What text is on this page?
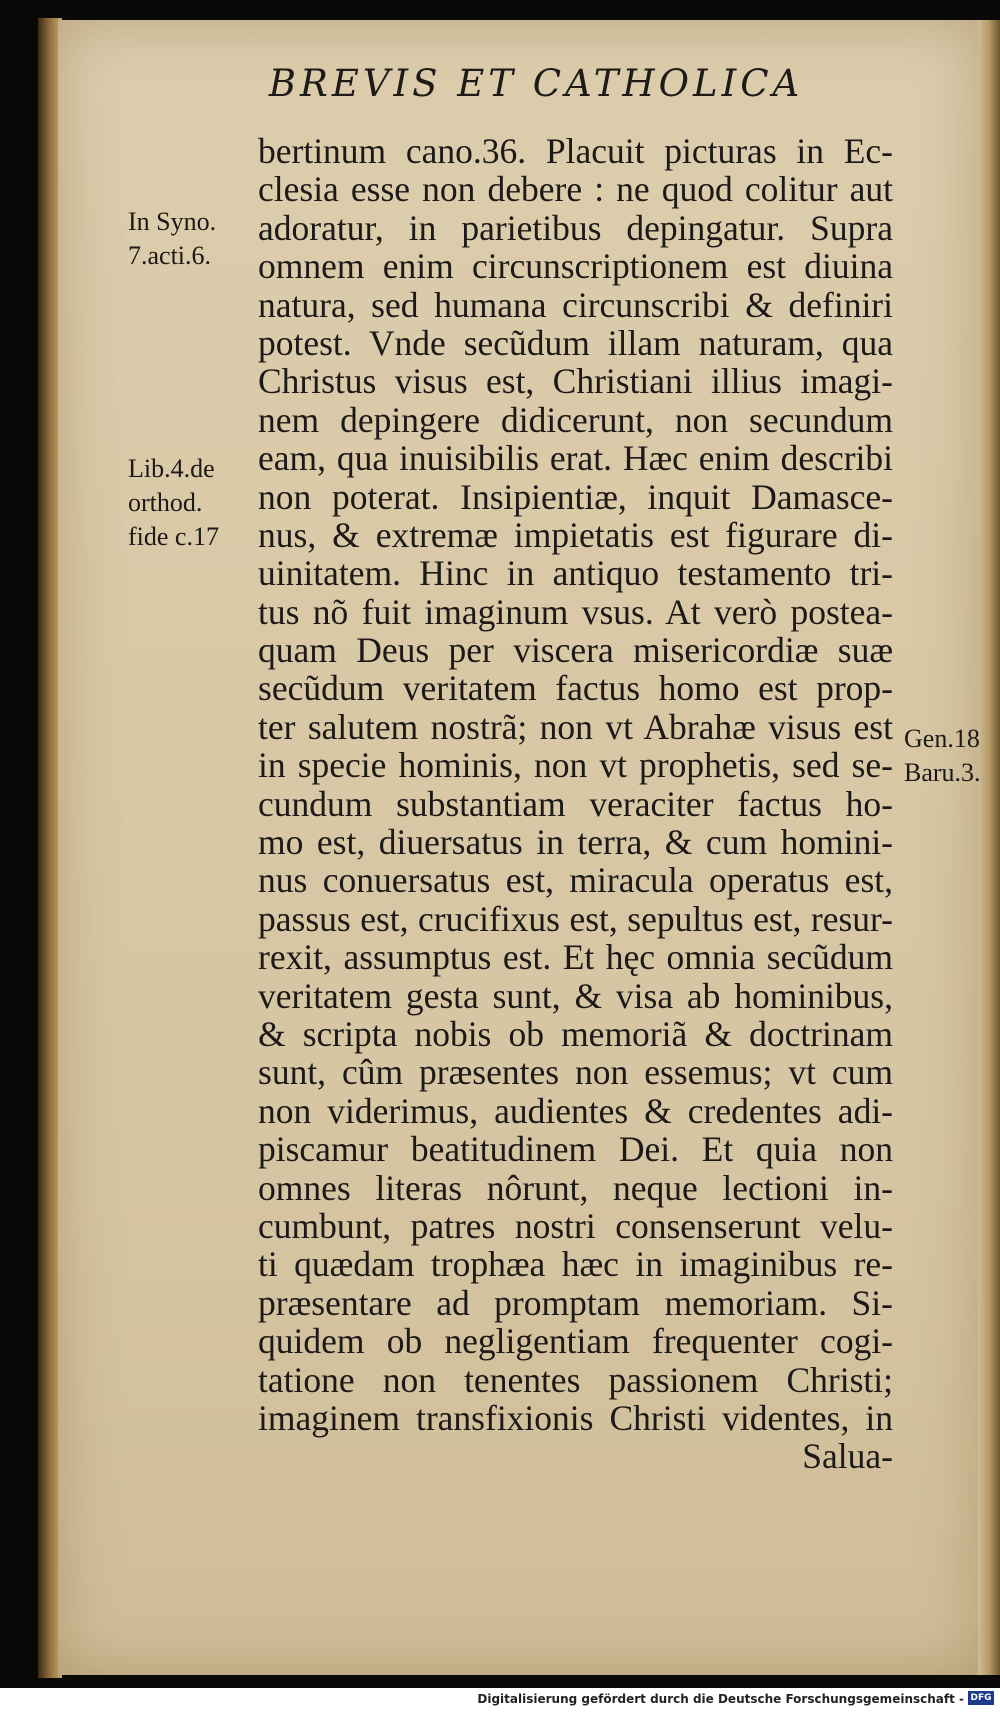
BREVIS ET CATHOLICA
bertinum cano.36. Placuit picturas in Ec-
clesia esse non debere : ne quod colitur aut
adoratur, in parietibus depingatur. Supra
omnem enim circunscriptionem est diuina
natura, sed humana circunscribi & definiri
potest. Vnde secũdum illam naturam, qua
Christus visus est, Christiani illius imagi-
nem depingere didicerunt, non secundum
eam, qua inuisibilis erat. Hæc enim describi
non poterat. Insipientiæ, inquit Damasce-
nus, & extremæ impietatis est figurare di-
uinitatem. Hinc in antiquo testamento tri-
tus nõ fuit imaginum vsus. At verò postea-
quam Deus per viscera misericordiæ suæ
secũdum veritatem factus homo est prop-
ter salutem nostrã; non vt Abrahæ visus est
in specie hominis, non vt prophetis, sed se-
cundum substantiam veraciter factus ho-
mo est, diuersatus in terra, & cum homini-
nus conuersatus est, miracula operatus est,
passus est, crucifixus est, sepultus est, resur-
rexit, assumptus est. Et hęc omnia secũdum
veritatem gesta sunt, & visa ab hominibus,
& scripta nobis ob memoriã & doctrinam
sunt, cûm præsentes non essemus; vt cum
non viderimus, audientes & credentes adi-
piscamur beatitudinem Dei. Et quia non
omnes literas nôrunt, neque lectioni in-
cumbunt, patres nostri consenserunt velu-
ti quædam trophæa hæc in imaginibus re-
præsentare ad promptam memoriam. Si-
quidem ob negligentiam frequenter cogi-
tatione non tenentes passionem Christi;
imaginem transfixionis Christi videntes, in
Salua-
In Syno.
7.acti.6.
Lib.4.de
orthod.
fide c.17
Gen.18
Baru.3.
Digitalisierung gefördert durch die Deutsche Forschungsgemeinschaft - DFG
